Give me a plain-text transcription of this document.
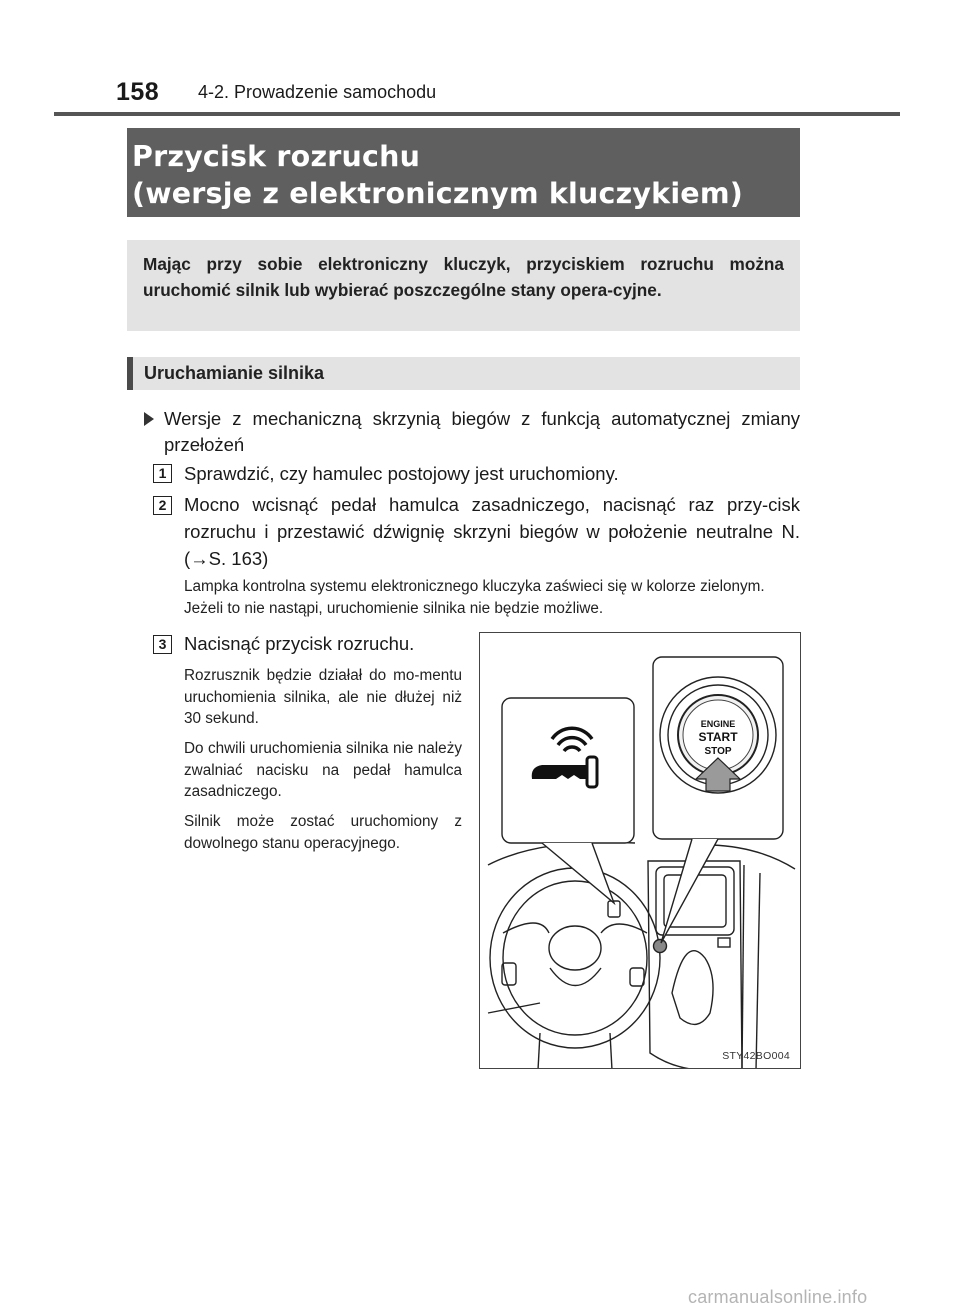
158 4-2. Prowadzenie samochodu
Przycisk rozruchu
(wersje z elektronicznym kluczykiem)
Mając przy sobie elektroniczny kluczyk, przyciskiem rozruchu można uruchomić silnik lub wybierać poszczególne stany opera-cyjne.
Uruchamianie silnika
Wersje z mechaniczną skrzynią biegów z funkcją automatycznej zmiany przełożeń
1 Sprawdzić, czy hamulec postojowy jest uruchomiony.
2 Mocno wcisnąć pedał hamulca zasadniczego, nacisnąć raz przy-cisk rozruchu i przestawić dźwignię skrzyni biegów w położenie neutralne N. (→S. 163)
Lampka kontrolna systemu elektronicznego kluczyka zaświeci się w kolorze zielonym. Jeżeli to nie nastąpi, uruchomienie silnika nie będzie możliwe.
3 Nacisnąć przycisk rozruchu.
Rozrusznik będzie działał do mo-mentu uruchomienia silnika, ale nie dłużej niż 30 sekund.
Do chwili uruchomienia silnika nie należy zwalniać nacisku na pedał hamulca zasadniczego.
Silnik może zostać uruchomiony z dowolnego stanu operacyjnego.
ENGINE
START
STOP
STY42BO004
carmanualsonline.info
